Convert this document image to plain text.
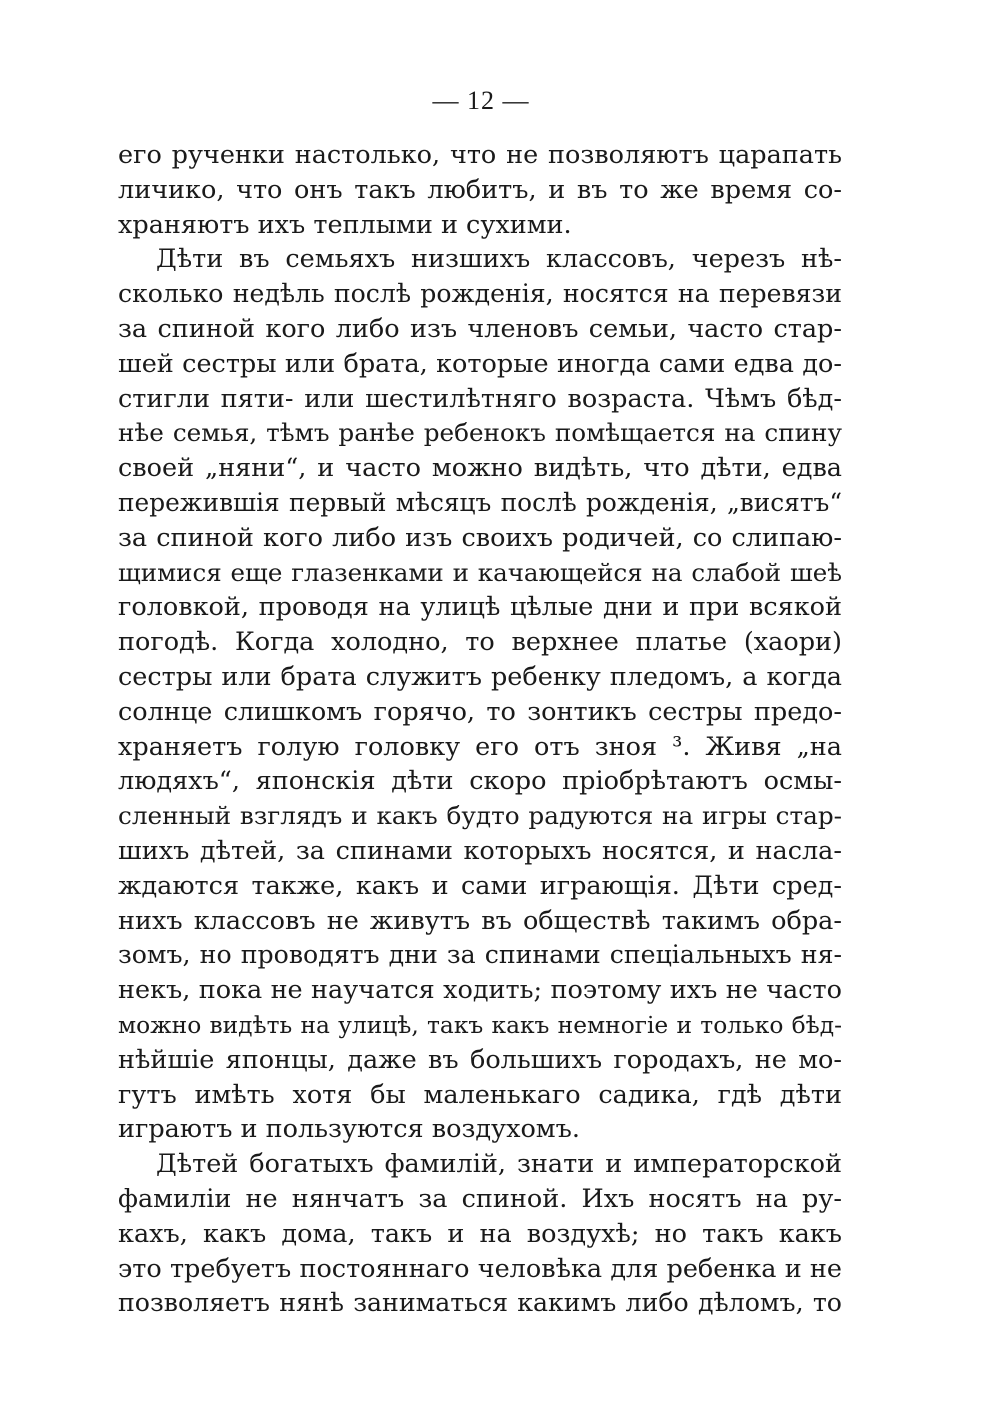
— 12 —
его рученки настолько, что не позволяютъ царапать
личико, что онъ такъ любитъ, и въ то же время со-
храняютъ ихъ теплыми и сухими.
Дѣти въ семьяхъ низшихъ классовъ, черезъ нѣ-
сколько недѣль послѣ рожденія, носятся на перевязи
за спиной кого либо изъ членовъ семьи, часто стар-
шей сестры или брата, которые иногда сами едва до-
стигли пяти- или шестилѣтняго возраста. Чѣмъ бѣд-
нѣе семья, тѣмъ ранѣе ребенокъ помѣщается на спину
своей „няни“, и часто можно видѣть, что дѣти, едва
пережившія первый мѣсяцъ послѣ рожденія, „висятъ“
за спиной кого либо изъ своихъ родичей, со слипаю-
щимися еще глазенками и качающейся на слабой шеѣ
головкой, проводя на улицѣ цѣлые дни и при всякой
погодѣ. Когда холодно, то верхнее платье (хаори)
сестры или брата служитъ ребенку пледомъ, а когда
солнце слишкомъ горячо, то зонтикъ сестры предо-
храняетъ голую головку его отъ зноя ³. Живя „на
людяхъ“, японскія дѣти скоро пріобрѣтаютъ осмы-
сленный взглядъ и какъ будто радуются на игры стар-
шихъ дѣтей, за спинами которыхъ носятся, и насла-
ждаются также, какъ и сами играющія. Дѣти сред-
нихъ классовъ не живутъ въ обществѣ такимъ обра-
зомъ, но проводятъ дни за спинами спеціальныхъ ня-
некъ, пока не научатся ходить; поэтому ихъ не часто
можно видѣть на улицѣ, такъ какъ немногіе и только бѣд-
нѣйшіе японцы, даже въ большихъ городахъ, не мо-
гутъ имѣть хотя бы маленькаго садика, гдѣ дѣти
играютъ и пользуются воздухомъ.
Дѣтей богатыхъ фамилій, знати и императорской
фамиліи не нянчатъ за спиной. Ихъ носятъ на ру-
кахъ, какъ дома, такъ и на воздухѣ; но такъ какъ
это требуетъ постояннаго человѣка для ребенка и не
позволяетъ нянѣ заниматься какимъ либо дѣломъ, то
